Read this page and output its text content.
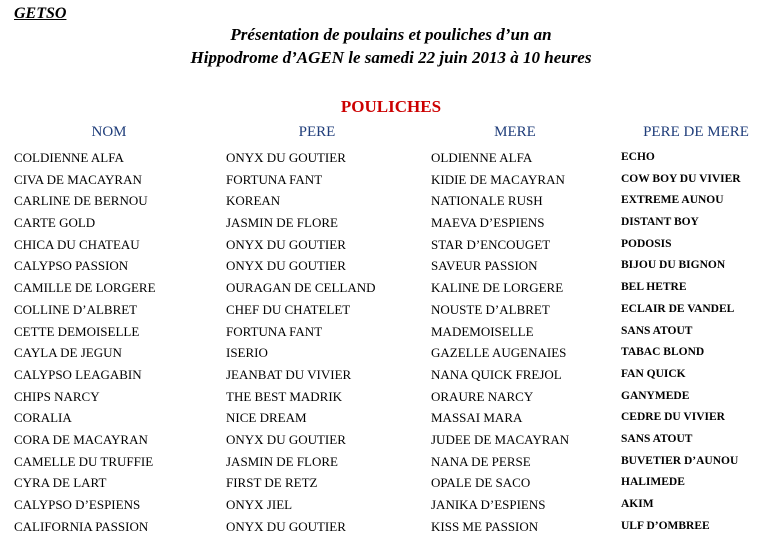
GETSO
Présentation de poulains et pouliches d’un an
Hippodrome d’AGEN le samedi 22 juin 2013 à 10 heures
POULICHES
NOM	PERE	MERE	PERE DE MERE
COLDIENNE ALFA	ONYX DU GOUTIER	OLDIENNE ALFA	ECHO
CIVA DE MACAYRAN	FORTUNA FANT	KIDIE DE MACAYRAN	COW BOY DU VIVIER
CARLINE DE BERNOU	KOREAN	NATIONALE RUSH	EXTREME AUNOU
CARTE GOLD	JASMIN DE FLORE	MAEVA D’ESPIENS	DISTANT BOY
CHICA DU CHATEAU	ONYX DU GOUTIER	STAR D’ENCOUGET	PODOSIS
CALYPSO PASSION	ONYX DU GOUTIER	SAVEUR PASSION	BIJOU DU BIGNON
CAMILLE DE LORGERE	OURAGAN DE CELLAND	KALINE DE LORGERE	BEL HETRE
COLLINE D’ALBRET	CHEF DU CHATELET	NOUSTE D’ALBRET	ECLAIR DE VANDEL
CETTE DEMOISELLE	FORTUNA FANT	MADEMOISELLE	SANS ATOUT
CAYLA DE JEGUN	ISERIO	GAZELLE AUGENAIES	TABAC BLOND
CALYPSO LEAGABIN	JEANBAT DU VIVIER	NANA QUICK FREJOL	FAN QUICK
CHIPS NARCY	THE BEST MADRIK	ORAURE NARCY	GANYMEDE
CORALIA	NICE DREAM	MASSAI MARA	CEDRE DU VIVIER
CORA DE MACAYRAN	ONYX DU GOUTIER	JUDEE DE MACAYRAN	SANS ATOUT
CAMELLE DU TRUFFIE	JASMIN DE FLORE	NANA DE PERSE	BUVETIER D’AUNOU
CYRA DE LART	FIRST DE RETZ	OPALE DE SACO	HALIMEDE
CALYPSO D’ESPIENS	ONYX JIEL	JANIKA D’ESPIENS	AKIM
CALIFORNIA PASSION	ONYX DU GOUTIER	KISS ME PASSION	ULF D’OMBREE
